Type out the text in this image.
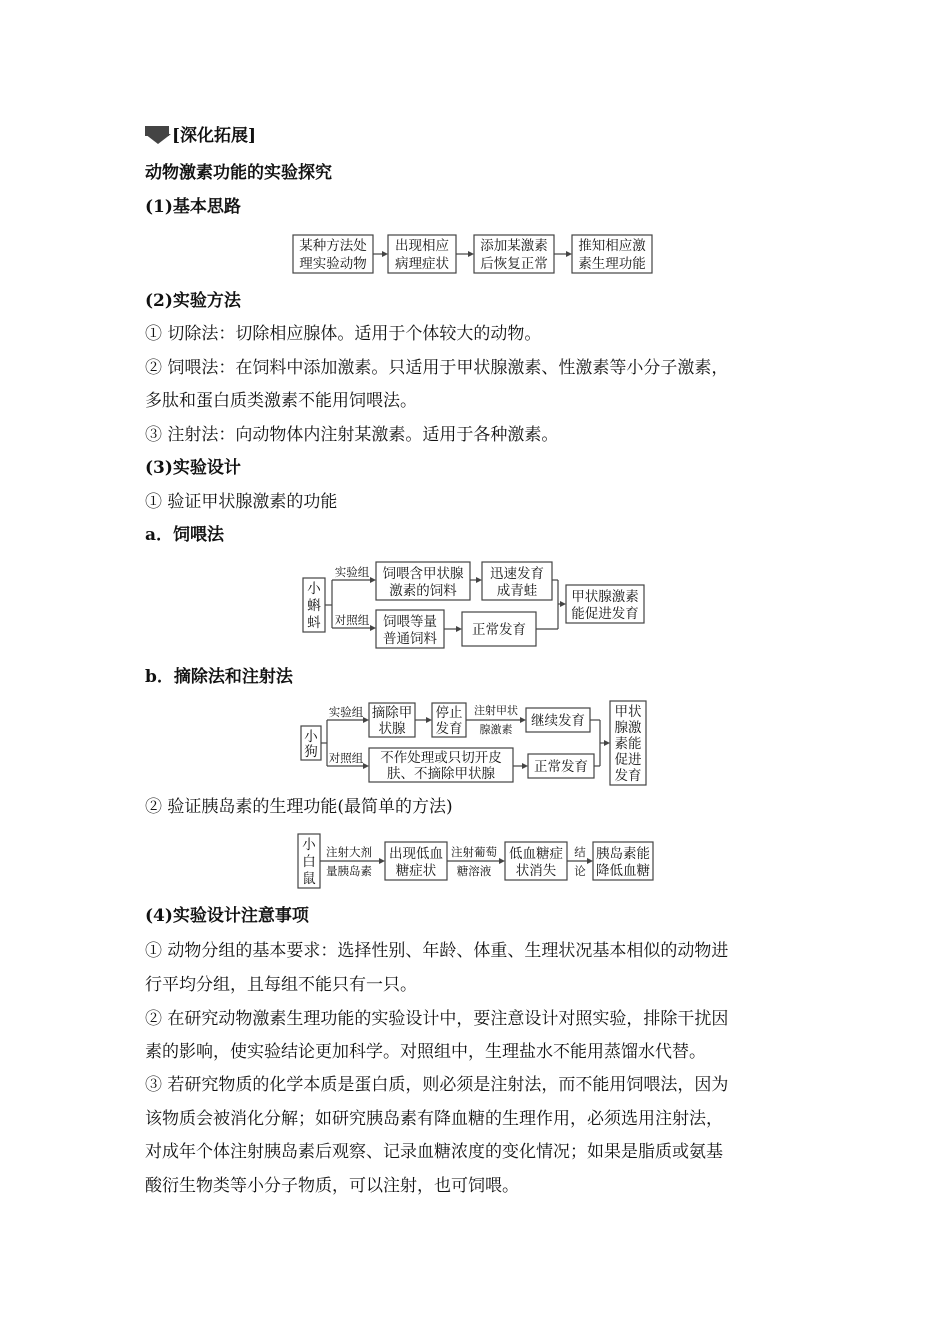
[深化拓展]
动物激素功能的实验探究
(1)基本思路
某种方法处
理实验动物
出现相应
病理症状
添加某激素
后恢复正常
推知相应激
素生理功能
(2)实验方法
① 切除法：切除相应腺体。适用于个体较大的动物。
② 饲喂法：在饲料中添加激素。只适用于甲状腺激素、性激素等小分子激素，
多肽和蛋白质类激素不能用饲喂法。
③ 注射法：向动物体内注射某激素。适用于各种激素。
(3)实验设计
① 验证甲状腺激素的功能
a．饲喂法
小
蝌
蚪
实验组
对照组
饲喂含甲状腺
激素的饲料
迅速发育
成青蛙
饲喂等量
普通饲料
正常发育
甲状腺激素
能促进发育
b．摘除法和注射法
小
狗
实验组
对照组
摘除甲
状腺
停止
发育
注射甲状
腺激素
继续发育
不作处理或只切开皮
肤、不摘除甲状腺	正常发育
甲状
腺激
素能
促进
发育
② 验证胰岛素的生理功能(最简单的方法)
小
白
鼠
注射大剂
量胰岛素
出现低血
糖症状
注射葡萄
糖溶液
低血糖症
状消失
结
论
胰岛素能
降低血糖
(4)实验设计注意事项
① 动物分组的基本要求：选择性别、年龄、体重、生理状况基本相似的动物进
行平均分组，且每组不能只有一只。
② 在研究动物激素生理功能的实验设计中，要注意设计对照实验，排除干扰因
素的影响，使实验结论更加科学。对照组中，生理盐水不能用蒸馏水代替。
③ 若研究物质的化学本质是蛋白质，则必须是注射法，而不能用饲喂法，因为
该物质会被消化分解；如研究胰岛素有降血糖的生理作用，必须选用注射法，
对成年个体注射胰岛素后观察、记录血糖浓度的变化情况；如果是脂质或氨基
酸衍生物类等小分子物质，可以注射，也可饲喂。
